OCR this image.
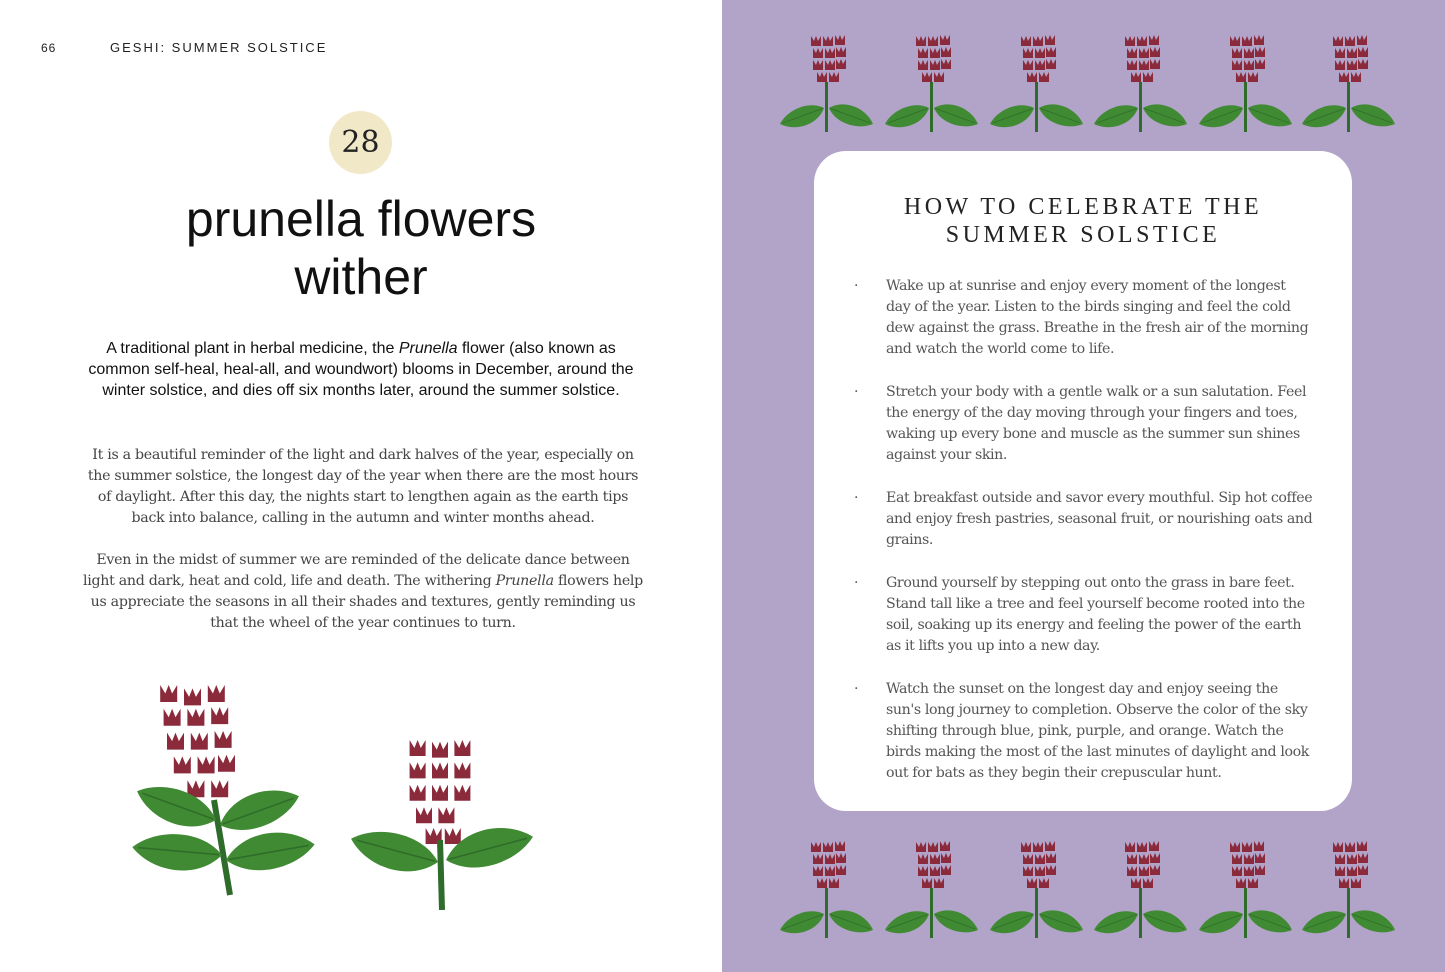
66	GESHI: SUMMER SOLSTICE
28
prunella flowers
wither

A traditional plant in herbal medicine, the Prunella flower (also known as common self-heal, heal-all, and woundwort) blooms in December, around the winter solstice, and dies off six months later, around the summer solstice.

It is a beautiful reminder of the light and dark halves of the year, especially on the summer solstice, the longest day of the year when there are the most hours of daylight. After this day, the nights start to lengthen again as the earth tips back into balance, calling in the autumn and winter months ahead.

Even in the midst of summer we are reminded of the delicate dance between light and dark, heat and cold, life and death. The withering Prunella flowers help us appreciate the seasons in all their shades and textures, gently reminding us that the wheel of the year continues to turn.

HOW TO CELEBRATE THE
SUMMER SOLSTICE
· Wake up at sunrise and enjoy every moment of the longest day of the year. Listen to the birds singing and feel the cold dew against the grass. Breathe in the fresh air of the morning and watch the world come to life.
· Stretch your body with a gentle walk or a sun salutation. Feel the energy of the day moving through your fingers and toes, waking up every bone and muscle as the summer sun shines against your skin.
· Eat breakfast outside and savor every mouthful. Sip hot coffee and enjoy fresh pastries, seasonal fruit, or nourishing oats and grains.
· Ground yourself by stepping out onto the grass in bare feet. Stand tall like a tree and feel yourself become rooted into the soil, soaking up its energy and feeling the power of the earth as it lifts you up into a new day.
· Watch the sunset on the longest day and enjoy seeing the sun's long journey to completion. Observe the color of the sky shifting through blue, pink, purple, and orange. Watch the birds making the most of the last minutes of daylight and look out for bats as they begin their crepuscular hunt.
